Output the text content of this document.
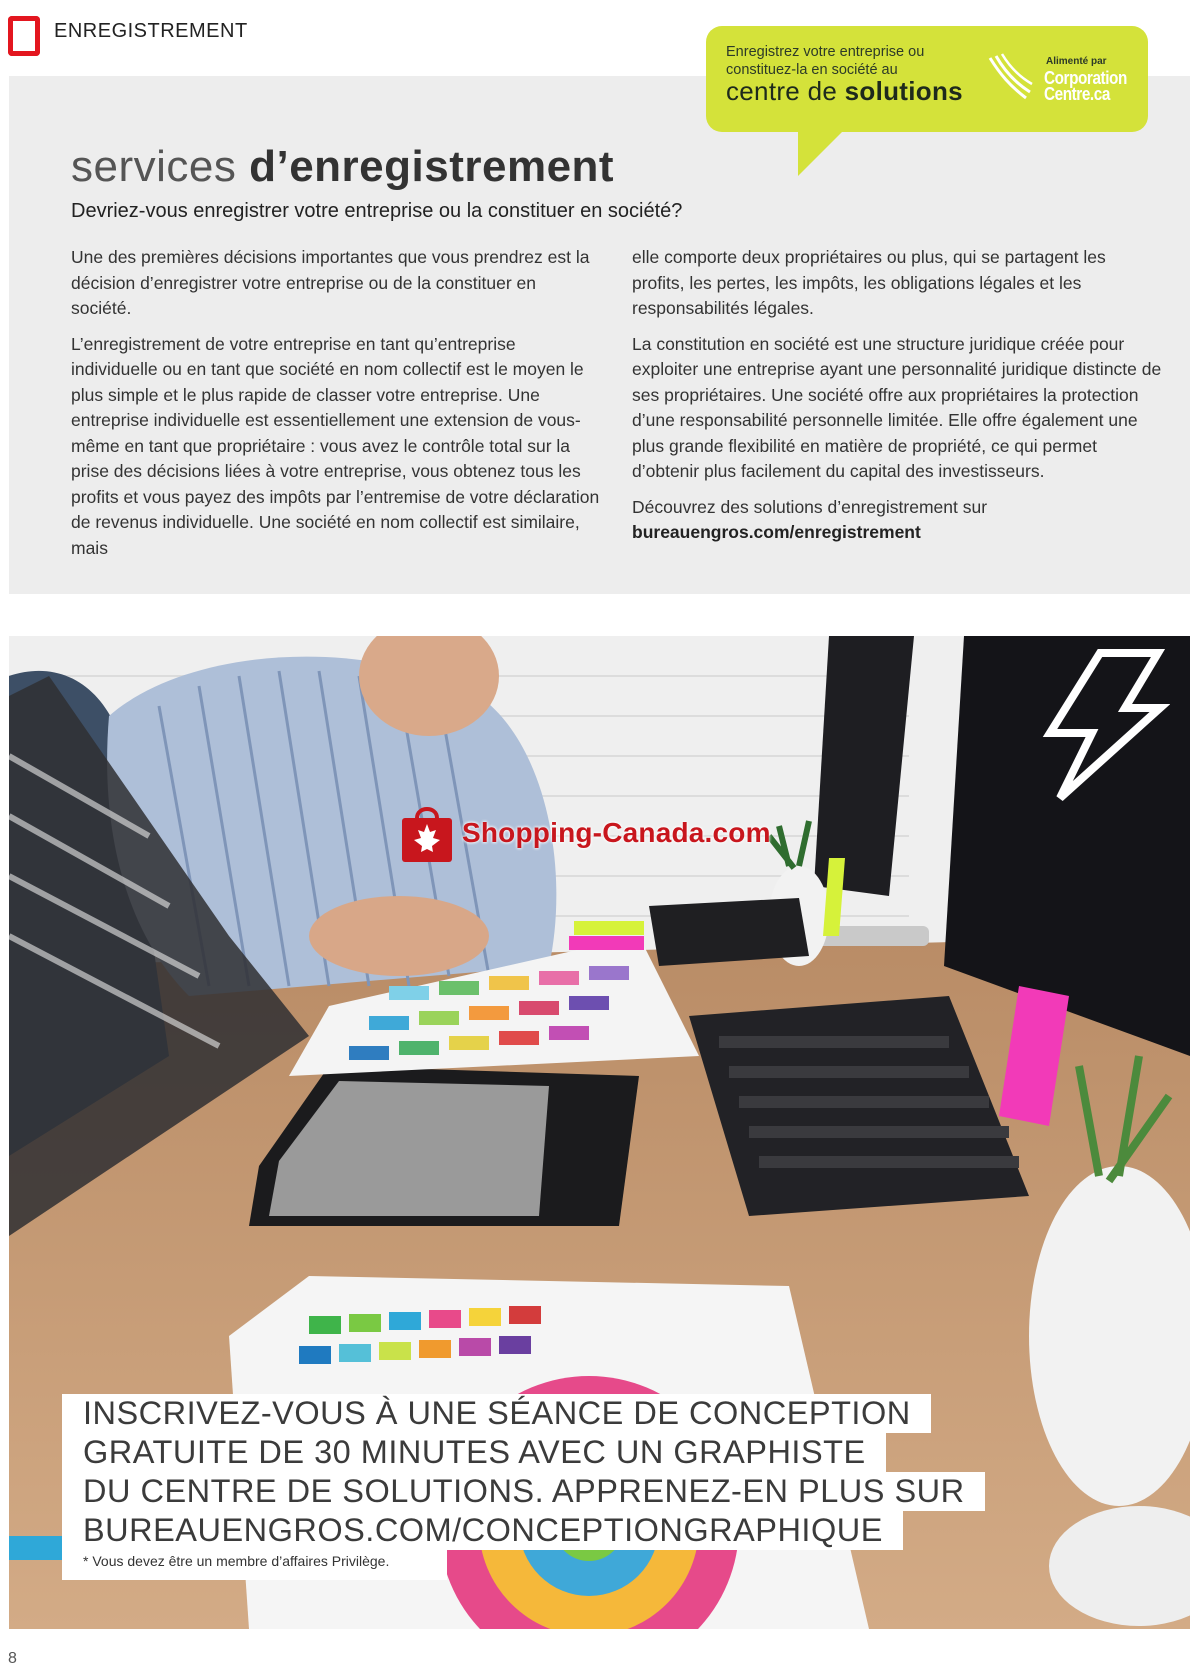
ENREGISTREMENT
Enregistrez votre entreprise ou constituez-la en société au
centre de solutions	Corporation
Centre.ca
Alimenté par
services d’enregistrement
Devriez-vous enregistrer votre entreprise ou la constituer en société?

Une des premières décisions importantes que vous prendrez est la décision d’enregistrer votre entreprise ou de la constituer en société.

L’enregistrement de votre entreprise en tant qu’entreprise individuelle ou en tant que société en nom collectif est le moyen le plus simple et le plus rapide de classer votre entreprise. Une entreprise individuelle est essentiellement une extension de vous-même en tant que propriétaire : vous avez le contrôle total sur la prise des décisions liées à votre entreprise, vous obtenez tous les profits et vous payez des impôts par l’entremise de votre déclaration de revenus individuelle. Une société en nom collectif est similaire, mais

elle comporte deux propriétaires ou plus, qui se partagent les profits, les pertes, les impôts, les obligations légales et les responsabilités légales.

La constitution en société est une structure juridique créée pour exploiter une entreprise ayant une personnalité juridique distincte de ses propriétaires. Une société offre aux propriétaires la protection d’une responsabilité personnelle limitée. Elle offre également une plus grande flexibilité en matière de propriété, ce qui permet d’obtenir plus facilement du capital des investisseurs.

Découvrez des solutions d’enregistrement sur
bureauengros.com/enregistrement

Shopping-Canada.com
INSCRIVEZ-VOUS À UNE SÉANCE DE CONCEPTION
GRATUITE DE 30 MINUTES AVEC UN GRAPHISTE
DU CENTRE DE SOLUTIONS. APPRENEZ-EN PLUS SUR
BUREAUENGROS.COM/CONCEPTIONGRAPHIQUE
* Vous devez être un membre d’affaires Privilège.
8
